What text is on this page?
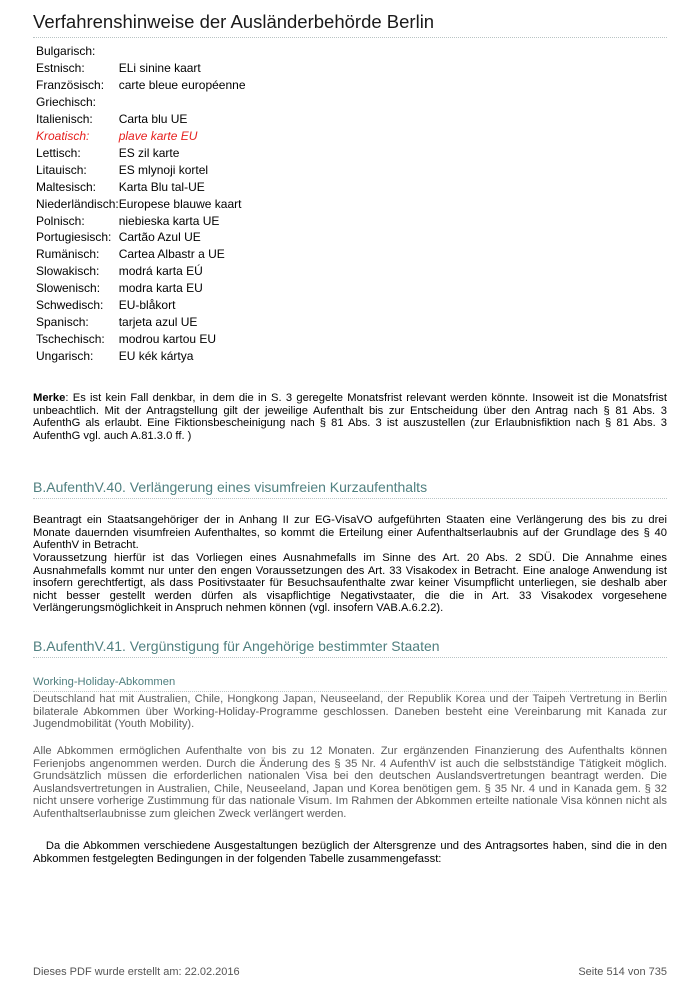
Verfahrenshinweise der Ausländerbehörde Berlin
Bulgarisch:	
Estnisch:	ELi sinine kaart
Französisch:	carte bleue européenne
Griechisch:	
Italienisch:	Carta blu UE
Kroatisch:	plave karte EU
Lettisch:	ES zil karte
Litauisch:	ES mlynoji kortel
Maltesisch:	Karta Blu tal-UE
Niederländisch:	Europese blauwe kaart
Polnisch:	niebieska karta UE
Portugiesisch:	Cartão Azul UE
Rumänisch:	Cartea Albastr a UE
Slowakisch:	modrá karta EÚ
Slowenisch:	modra karta EU
Schwedisch:	EU-blåkort
Spanisch:	tarjeta azul UE
Tschechisch:	modrou kartou EU
Ungarisch:	EU kék kártya
Merke: Es ist kein Fall denkbar, in dem die in S. 3 geregelte Monatsfrist relevant werden könnte. Insoweit ist die Monatsfrist unbeachtlich. Mit der Antragstellung gilt der jeweilige Aufenthalt bis zur Entscheidung über den Antrag nach § 81 Abs. 3 AufenthG als erlaubt. Eine Fiktionsbescheinigung nach § 81 Abs. 3 ist auszustellen (zur Erlaubnisfiktion nach § 81 Abs. 3 AufenthG vgl. auch A.81.3.0 ff. )
B.AufenthV.40. Verlängerung eines visumfreien Kurzaufenthalts
Beantragt ein Staatsangehöriger der in Anhang II zur EG-VisaVO aufgeführten Staaten eine Verlängerung des bis zu drei Monate dauernden visumfreien Aufenthaltes, so kommt die Erteilung einer Aufenthaltserlaubnis auf der Grundlage des § 40 AufenthV in Betracht.
Voraussetzung hierfür ist das Vorliegen eines Ausnahmefalls im Sinne des Art. 20 Abs. 2 SDÜ. Die Annahme eines Ausnahmefalls kommt nur unter den engen Voraussetzungen des Art. 33 Visakodex in Betracht. Eine analoge Anwendung ist insofern gerechtfertigt, als dass Positivstaater für Besuchsaufenthalte zwar keiner Visumpflicht unterliegen, sie deshalb aber nicht besser gestellt werden dürfen als visapflichtige Negativstaater, die die in Art. 33 Visakodex vorgesehene Verlängerungsmöglichkeit in Anspruch nehmen können (vgl. insofern VAB.A.6.2.2).
B.AufenthV.41. Vergünstigung für Angehörige bestimmter Staaten
Working-Holiday-Abkommen
Deutschland hat mit Australien, Chile, Hongkong Japan, Neuseeland, der Republik Korea und der Taipeh Vertretung in Berlin bilaterale Abkommen über Working-Holiday-Programme geschlossen. Daneben besteht eine Vereinbarung mit Kanada zur Jugendmobilität (Youth Mobility).
Alle Abkommen ermöglichen Aufenthalte von bis zu 12 Monaten. Zur ergänzenden Finanzierung des Aufenthalts können Ferienjobs angenommen werden. Durch die Änderung des § 35 Nr. 4 AufenthV ist auch die selbstständige Tätigkeit möglich. Grundsätzlich müssen die erforderlichen nationalen Visa bei den deutschen Auslandsvertretungen beantragt werden. Die Auslandsvertretungen in Australien, Chile, Neuseeland, Japan und Korea benötigen gem. § 35 Nr. 4 und in Kanada gem. § 32 nicht unsere vorherige Zustimmung für das nationale Visum. Im Rahmen der Abkommen erteilte nationale Visa können nicht als Aufenthaltserlaubnisse zum gleichen Zweck verlängert werden.
Da die Abkommen verschiedene Ausgestaltungen bezüglich der Altersgrenze und des Antragsortes haben, sind die in den Abkommen festgelegten Bedingungen in der folgenden Tabelle zusammengefasst:
Dieses PDF wurde erstellt am: 22.02.2016	Seite 514 von 735
